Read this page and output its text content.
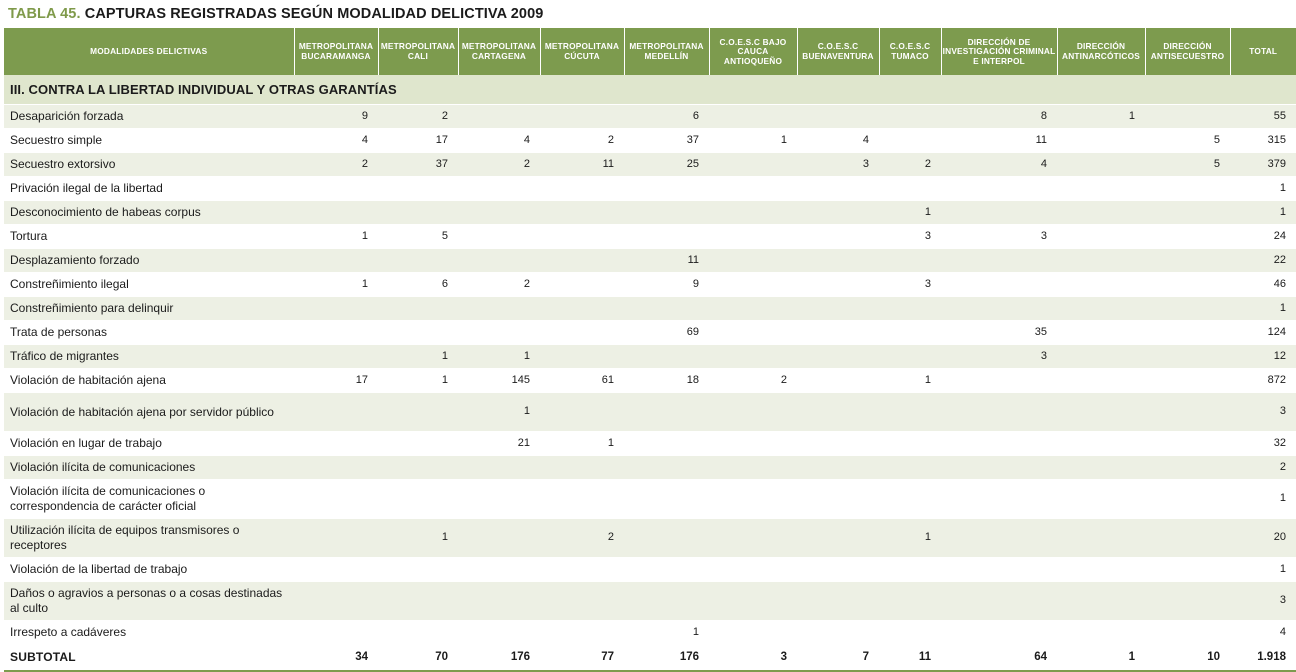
TABLA 45. CAPTURAS REGISTRADAS SEGÚN MODALIDAD DELICTIVA 2009
MODALIDADES DELICTIVAS	METROPOLITANA BUCARAMANGA	METROPOLITANA CALI	METROPOLITANA CARTAGENA	METROPOLITANA CÚCUTA	METROPOLITANA MEDELLÍN	C.O.E.S.C BAJO CAUCA ANTIOQUEÑO	C.O.E.S.C BUENAVENTURA	C.O.E.S.C TUMACO	DIRECCIÓN DE INVESTIGACIÓN CRIMINAL E INTERPOL	DIRECCIÓN ANTINARCÓTICOS	DIRECCIÓN ANTISECUESTRO	TOTAL
III. CONTRA LA LIBERTAD INDIVIDUAL Y OTRAS GARANTÍAS												
Desaparición forzada	9	2			6				8	1		55
Secuestro simple	4	17	4	2	37	1	4		11		5	315
Secuestro extorsivo	2	37	2	11	25		3	2	4		5	379
Privación ilegal de la libertad												1
Desconocimiento de habeas corpus								1				1
Tortura	1	5						3	3			24
Desplazamiento forzado					11							22
Constreñimiento ilegal	1	6	2		9			3				46
Constreñimiento para delinquir												1
Trata de personas					69				35			124
Tráfico de migrantes		1	1						3			12
Violación de habitación ajena	17	1	145	61	18	2		1				872
Violación de habitación ajena por servidor público			1									3
Violación en lugar de trabajo			21	1								32
Violación ilícita de comunicaciones												2
Violación ilícita de comunicaciones o correspondencia de carácter oficial												1
Utilización ilícita de equipos transmisores o receptores		1		2				1				20
Violación de la libertad de trabajo												1
Daños o agravios a personas o a cosas destinadas al culto												3
Irrespeto a cadáveres					1							4
SUBTOTAL	34	70	176	77	176	3	7	11	64	1	10	1.918
